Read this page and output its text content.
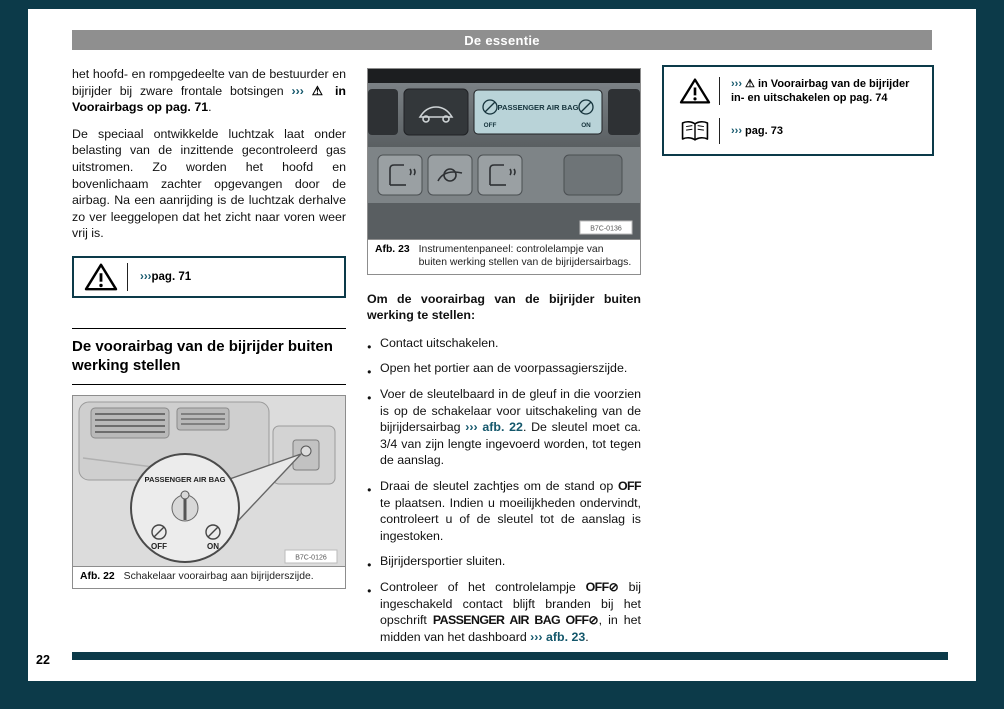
De essentie

het hoofd- en rompgedeelte van de bestuurder en bijrijder bij zware frontale botsingen ››› ⚠ in Voorairbags op pag. 71.

De speciaal ontwikkelde luchtzak laat onder belasting van de inzittende gecontroleerd gas uitstromen. Zo worden het hoofd en bovenlichaam zachter opgevangen door de airbag. Na een aanrijding is de luchtzak derhalve zo ver leeggelopen dat het zicht naar voren weer vrij is.

››› pag. 71
De voorairbag van de bijrijder buiten werking stellen
PASSENGER AIR BAG
OFF	ON
B7C-0126
Afb. 22 Schakelaar voorairbag aan bijrijderszijde.
PASSENGER AIR BAG
OFF	ON
B7C-0136
Afb. 23 Instrumentenpaneel: controlelampje van buiten werking stellen van de bijrijdersairbags.

Om de voorairbag van de bijrijder buiten werking te stellen:

● Contact uitschakelen.
● Open het portier aan de voorpassagierszijde.
● Voer de sleutelbaard in de gleuf in die voorzien is op de schakelaar voor uitschakeling van de bijrijdersairbag ››› afb. 22. De sleutel moet ca. 3/4 van zijn lengte ingevoerd worden, tot tegen de aanslag.
● Draai de sleutel zachtjes om de stand op OFF te plaatsen. Indien u moeilijkheden ondervindt, controleert u of de sleutel tot de aanslag is ingestoken.
● Bijrijdersportier sluiten.
● Controleer of het controlelampje OFF⊘ bij ingeschakeld contact blijft branden bij het opschrift PASSENGER AIR BAG OFF⊘, in het midden van het dashboard ››› afb. 23.
››› ⚠ in Voorairbag van de bijrijder in- en uitschakelen op pag. 74
››› pag. 73
22
